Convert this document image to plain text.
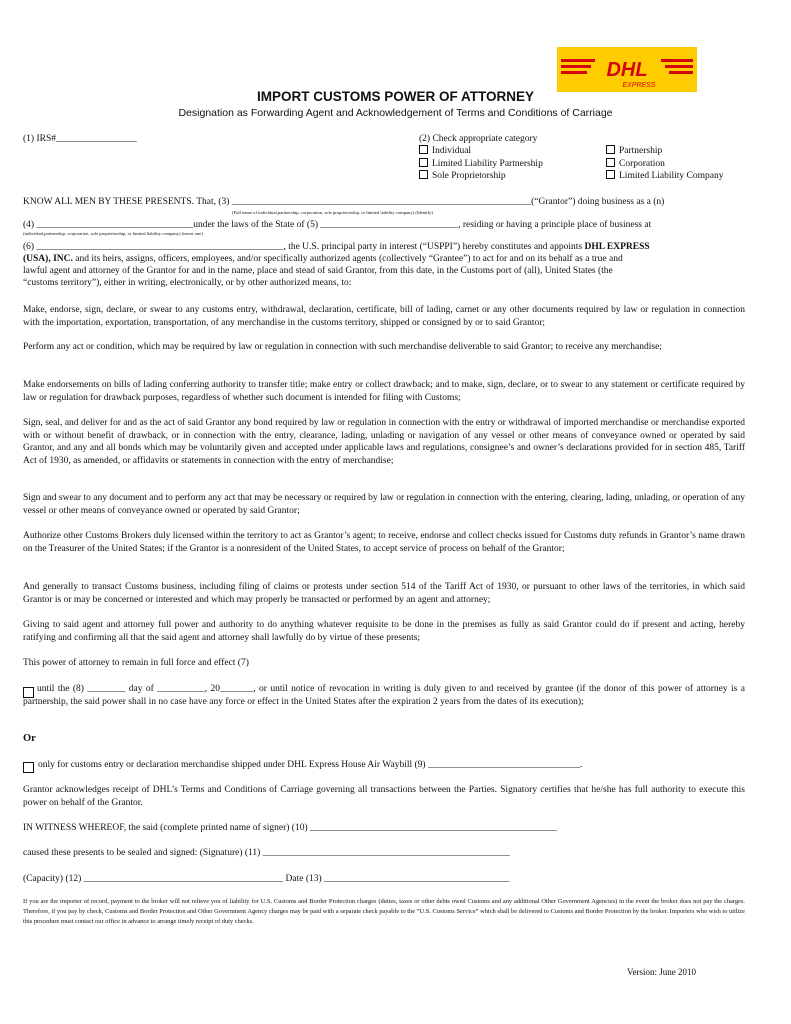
DHL
EXPRESS
IMPORT CUSTOMS POWER OF ATTORNEY
Designation as Forwarding Agent and Acknowledgement of Terms and Conditions of Carriage
(1) IRS#_________________	(2) Check appropriate category
Individual
Limited Liability Partnership
Sole Proprietorship
Partnership
Corporation
Limited Liability Company
KNOW ALL MEN BY THESE PRESENTS. That, (3) _______________________________________________________________(“Grantor”) doing business as a (n)
(Full name of individual,partnership, corporation, sole proprietorship, or limited liability company) (Identify)
(4) _________________________________under the laws of the State of (5) _____________________________, residing or having a principle place of business at
(individual,partnership, corporation, sole proprietorship, or limited liability company) (insert one)
(6) ____________________________________________________, the U.S. principal party in interest (“USPPI”) hereby constitutes and appoints DHL EXPRESS
(USA), INC. and its heirs, assigns, officers, employees, and/or specifically authorized agents (collectively “Grantee”) to act for and on its behalf as a true and
lawful agent and attorney of the Grantor for and in the name, place and stead of said Grantor, from this date, in the Customs port of (all), United States (the
“customs territory”), either in writing, electronically, or by other authorized means, to:
Make, endorse, sign, declare, or swear to any customs entry, withdrawal, declaration, certificate, bill of lading, carnet or any other documents required by law or regulation in connection with the importation, exportation, transportation, of any merchandise in the customs territory, shipped or consigned by or to said Grantor;
Perform any act or condition, which may be required by law or regulation in connection with such merchandise deliverable to said Grantor; to receive any merchandise;
Make endorsements on bills of lading conferring authority to transfer title; make entry or collect drawback; and to make, sign, declare, or to swear to any statement or certificate required by law or regulation for drawback purposes, regardless of whether such document is intended for filing with Customs;
Sign, seal, and deliver for and as the act of said Grantor any bond required by law or regulation in connection with the entry or withdrawal of imported merchandise or merchandise exported with or without benefit of drawback, or in connection with the entry, clearance, lading, unlading or navigation of any vessel or other means of conveyance owned or operated by said Grantor, and any and all bonds which may be voluntarily given and accepted under applicable laws and regulations, consignee’s and owner’s declarations provided for in section 485, Tariff Act of 1930, as amended, or affidavits or statements in connection with the entry of merchandise;
Sign and swear to any document and to perform any act that may be necessary or required by law or regulation in connection with the entering, clearing, lading, unlading, or operation of any vessel or other means of conveyance owned or operated by said Grantor;
Authorize other Customs Brokers duly licensed within the territory to act as Grantor’s agent; to receive, endorse and collect checks issued for Customs duty refunds in Grantor’s name drawn on the Treasurer of the United States; if the Grantor is a nonresident of the United States, to accept service of process on behalf of the Grantor;
And generally to transact Customs business, including filing of claims or protests under section 514 of the Tariff Act of 1930, or pursuant to other laws of the territories, in which said Grantor is or may be concerned or interested and which may properly be transacted or performed by an agent and attorney;
Giving to said agent and attorney full power and authority to do anything whatever requisite to be done in the premises as fully as said Grantor could do if present and acting, hereby ratifying and confirming all that the said agent and attorney shall lawfully do by virtue of these presents;
This power of attorney to remain in full force and effect (7)
until the (8) ________ day of __________, 20_______, or until notice of revocation in writing is duly given to and received by grantee (if the donor of this power of attorney is a partnership, the said power shall in no case have any force or effect in the United States after the expiration 2 years from the dates of its execution);
Or
only for customs entry or declaration merchandise shipped under DHL Express House Air Waybill (9) ________________________________.
Grantor acknowledges receipt of DHL’s Terms and Conditions of Carriage governing all transactions between the Parties. Signatory certifies that he/she has full authority to execute this power on behalf of the Grantor.
IN WITNESS WHEREOF, the said (complete printed name of signer) (10) ____________________________________________________
caused these presents to be sealed and signed: (Signature) (11) ____________________________________________________
(Capacity) (12) __________________________________________ Date (13) _______________________________________
If you are the importer of record, payment to the broker will not relieve you of liability for U.S. Customs and Border Protection charges (duties, taxes or other debts owed Customs and any additional Other Government Agencies) in the event the broker does not pay the charges. Therefore, if you pay by check, Customs and Border Protection and Other Government Agency charges may be paid with a separate check payable to the “U.S. Customs Service” which shall be delivered to Customs and Border Protection by the broker. Importers who wish to utilize this procedure must contact our office in advance to arrange timely receipt of duty checks.
Version: June 2010
